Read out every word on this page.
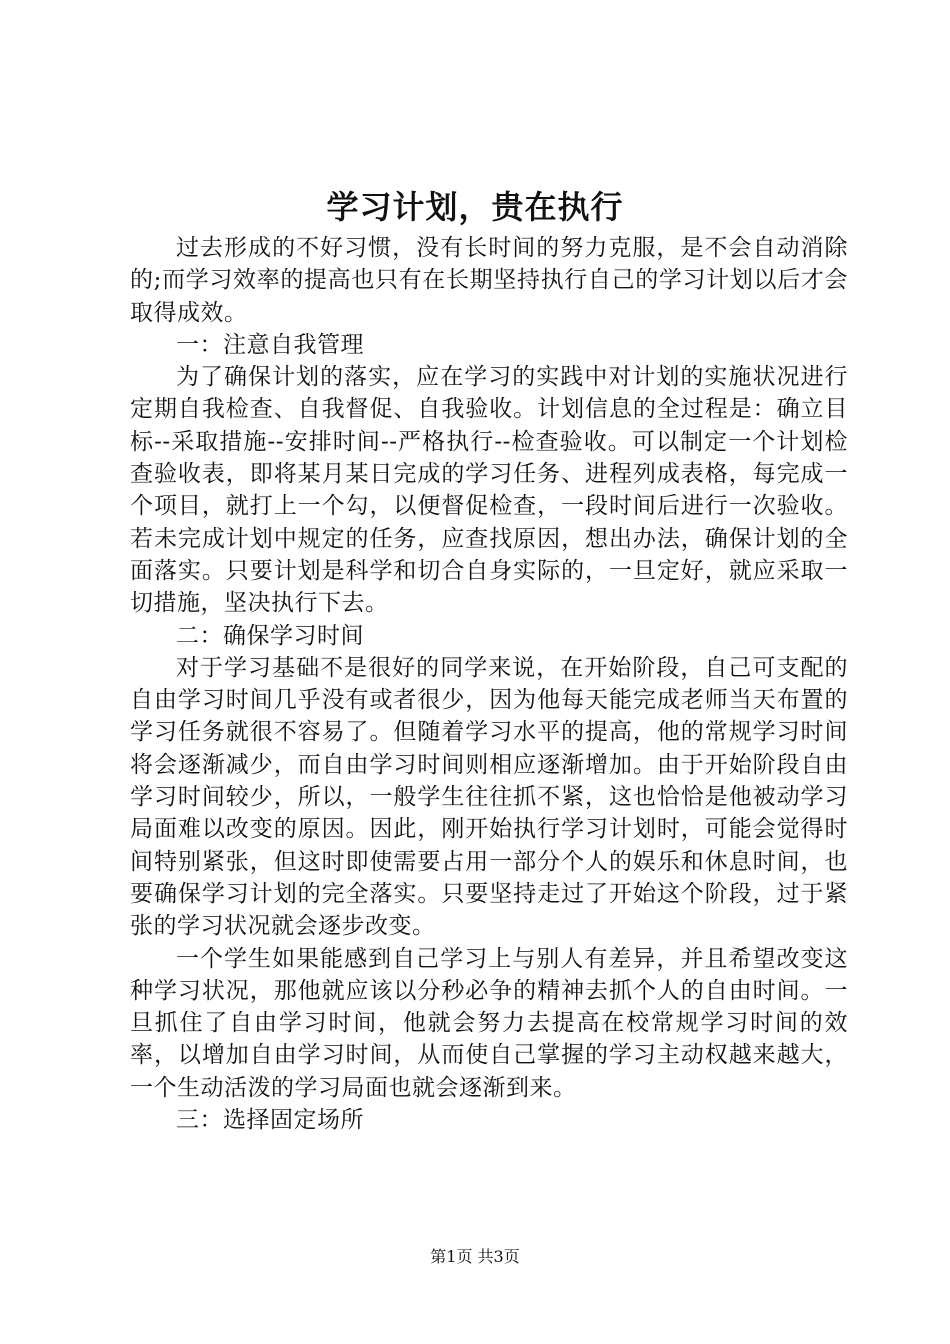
学习计划，贵在执行

过去形成的不好习惯，没有长时间的努力克服，是不会自动消除的;而学习效率的提高也只有在长期坚持执行自己的学习计划以后才会取得成效。

一：注意自我管理

为了确保计划的落实，应在学习的实践中对计划的实施状况进行定期自我检查、自我督促、自我验收。计划信息的全过程是：确立目标--采取措施--安排时间--严格执行--检查验收。可以制定一个计划检查验收表，即将某月某日完成的学习任务、进程列成表格，每完成一个项目，就打上一个勾，以便督促检查，一段时间后进行一次验收。若未完成计划中规定的任务，应查找原因，想出办法，确保计划的全面落实。只要计划是科学和切合自身实际的，一旦定好，就应采取一切措施，坚决执行下去。

二：确保学习时间

对于学习基础不是很好的同学来说，在开始阶段，自己可支配的自由学习时间几乎没有或者很少，因为他每天能完成老师当天布置的学习任务就很不容易了。但随着学习水平的提高，他的常规学习时间将会逐渐减少，而自由学习时间则相应逐渐增加。由于开始阶段自由学习时间较少，所以，一般学生往往抓不紧，这也恰恰是他被动学习局面难以改变的原因。因此，刚开始执行学习计划时，可能会觉得时间特别紧张，但这时即使需要占用一部分个人的娱乐和休息时间，也要确保学习计划的完全落实。只要坚持走过了开始这个阶段，过于紧张的学习状况就会逐步改变。

一个学生如果能感到自己学习上与别人有差异，并且希望改变这种学习状况，那他就应该以分秒必争的精神去抓个人的自由时间。一旦抓住了自由学习时间，他就会努力去提高在校常规学习时间的效率，以增加自由学习时间，从而使自己掌握的学习主动权越来越大，一个生动活泼的学习局面也就会逐渐到来。

三：选择固定场所

第1页 共3页
